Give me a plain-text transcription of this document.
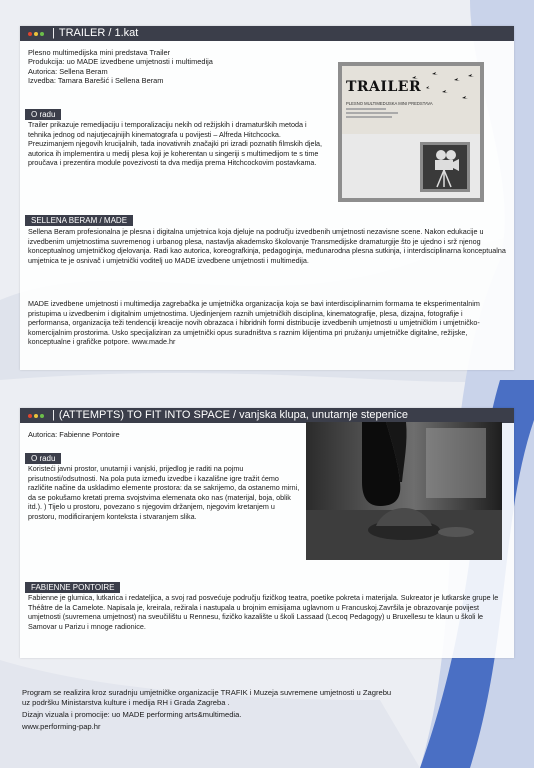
| TRAILER / 1.kat
Plesno multimedijska mini predstava Trailer
Produkcija: uo MADE izvedbene umjetnosti i multimedija
Autorica: Sellena Beram
Izvedba: Tamara Barešić i Sellena Beram
O radu
Trailer prikazuje remedijaciju i temporalizaciju nekih od režijskih i dramaturških metoda i tehnika jednog od najutjecajnijih kinematografa u povijesti – Alfreda Hitchcocka. Preuzimanjem njegovih krucijalnih, tada inovativnih značajki pri izradi poznatih filmskih djela, autorica ih implementira u medij plesa koji je koherentan u singeriji s multimedijom te s time proučava i prezentira module povezivosti ta dva medija prema Hitchcockovim postavkama.
TRAILER
PLESNO MULTIMEDIJSKA MINI PREDSTAVA
SELLENA BERAM / MADE
Sellena Beram profesionalna je plesna i digitalna umjetnica koja djeluje na području izvedbenih umjetnosti nezavisne scene. Nakon edukacije u izvedbenim umjetnostima suvremenog i urbanog plesa, nastavlja akademsko školovanje Transmedijske dramaturgije što je ujedno i srž njenog konceptualnog umjetničkog djelovanja. Radi kao autorica, koreografkinja, pedagoginja, međunarodna plesna sutkinja, i interdisciplinarna konceptualna umjetnica te je osnivač i umjetnički voditelj uo MADE izvedbene umjetnosti i multimedija.
MADE izvedbene umjetnosti i multimedija zagrebačka je umjetnička organizacija koja se bavi interdisciplinarnim formama te eksperimentalnim pristupima u izvedbenim i digitalnim umjetnostima. Ujedinjenjem raznih umjetničkih disciplina, kinematografije, plesa, dizajna, fotografije i performansa, organizacija teži tendenciji kreacije novih obrazaca i hibridnih formi distribucije izvedbenih umjetnosti u umjetničkim i umjetničko-komercijalnim prostorima. Usko specijaliziran za umjetnički opus suradništva s raznim klijentima pri pružanju umjetničke digitalne, režijske, konceptualne i grafičke potpore. www.made.hr
| (ATTEMPTS) TO FIT INTO SPACE / vanjska klupa, unutarnje stepenice
Autorica: Fabienne Pontoire
O radu
Koristeći javni prostor, unutarnji i vanjski, prijedlog je raditi na pojmu prisutnosti/odsutnosti. Na pola puta između izvedbe i kazališne igre tražit ćemo različite načine da uskladimo elemente prostora: da se sakrijemo, da ostanemo mirni, da se pokušamo kretati prema svojstvima elemenata oko nas (materijal, boja, oblik itd.). ) Tijelo u prostoru, povezano s njegovim držanjem, njegovim kretanjem u prostoru, modificiranjem konteksta i stvaranjem slika.
FABIENNE PONTOIRE
Fabienne je glumica, lutkarica i redateljica, a svoj rad posvećuje području fizičkog teatra, poetike pokreta i materijala. Sukreator je lutkarske grupe le Théâtre de la Camelote. Napisala je, kreirala, režirala i nastupala u brojnim emisijama uglavnom u Francuskoj.Završila je obrazovanje povijest umjetnosti (suvremena umjetnost) na sveučilištu u Rennesu, fizičko kazalište u školi Lassaad (Lecoq Pedagogy) u Bruxellesu te klaun u školi le Samovar u Parizu i mnoge radionice.
Program se realizira kroz suradnju umjetničke organizacije TRAFIK i Muzeja suvremene umjetnosti u Zagrebu
uz podršku Ministarstva kulture i medija RH i Grada Zagreba .
Dizajn vizuala i promocije: uo MADE performing arts&multimedia.
www.performing-pap.hr
